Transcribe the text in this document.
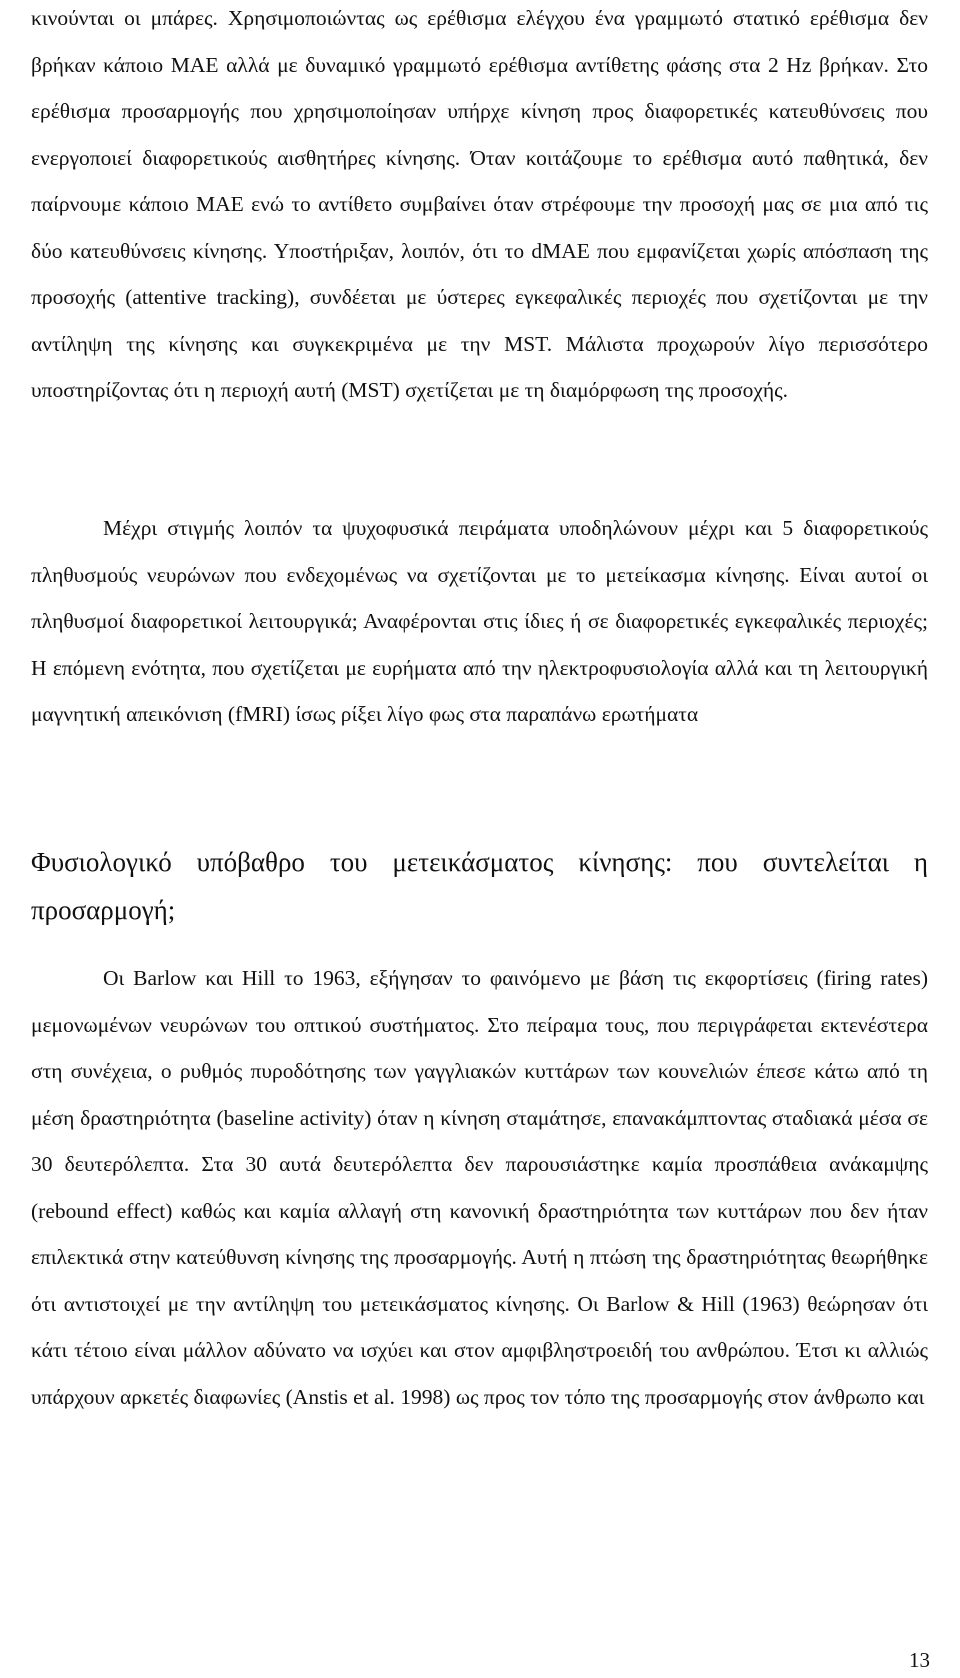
κινούνται οι μπάρες. Χρησιμοποιώντας ως ερέθισμα ελέγχου ένα γραμμωτό στατικό ερέθισμα δεν βρήκαν κάποιο ΜΑΕ αλλά με δυναμικό γραμμωτό ερέθισμα αντίθετης φάσης στα 2 Hz βρήκαν. Στο ερέθισμα προσαρμογής που χρησιμοποίησαν υπήρχε κίνηση προς διαφορετικές κατευθύνσεις που ενεργοποιεί διαφορετικούς αισθητήρες κίνησης. Όταν κοιτάζουμε το ερέθισμα αυτό παθητικά, δεν παίρνουμε κάποιο ΜΑΕ ενώ το αντίθετο συμβαίνει όταν στρέφουμε την προσοχή μας σε μια από τις δύο κατευθύνσεις κίνησης. Υποστήριξαν, λοιπόν, ότι το dMAE που εμφανίζεται χωρίς απόσπαση της προσοχής (attentive tracking), συνδέεται με ύστερες εγκεφαλικές περιοχές που σχετίζονται με την αντίληψη της κίνησης και συγκεκριμένα με την MST. Μάλιστα προχωρούν λίγο περισσότερο υποστηρίζοντας ότι η περιοχή αυτή (MST) σχετίζεται με τη διαμόρφωση της προσοχής.

Μέχρι στιγμής λοιπόν τα ψυχοφυσικά πειράματα υποδηλώνουν μέχρι και 5 διαφορετικούς πληθυσμούς νευρώνων που ενδεχομένως να σχετίζονται με το μετείκασμα κίνησης. Είναι αυτοί οι πληθυσμοί διαφορετικοί λειτουργικά; Αναφέρονται στις ίδιες ή σε διαφορετικές εγκεφαλικές περιοχές; Η επόμενη ενότητα, που σχετίζεται με ευρήματα από την ηλεκτροφυσιολογία αλλά και τη λειτουργική μαγνητική απεικόνιση (fMRI) ίσως ρίξει λίγο φως στα παραπάνω ερωτήματα

Φυσιολογικό υπόβαθρο του μετεικάσματος κίνησης: που συντελείται η προσαρμογή;

Οι Barlow και Hill το 1963, εξήγησαν το φαινόμενο με βάση τις εκφορτίσεις (firing rates) μεμονωμένων νευρώνων του οπτικού συστήματος. Στο πείραμα τους, που περιγράφεται εκτενέστερα στη συνέχεια, ο ρυθμός πυροδότησης των γαγγλιακών κυττάρων των κουνελιών έπεσε κάτω από τη μέση δραστηριότητα (baseline activity) όταν η κίνηση σταμάτησε, επανακάμπτοντας σταδιακά μέσα σε 30 δευτερόλεπτα. Στα 30 αυτά δευτερόλεπτα δεν παρουσιάστηκε καμία προσπάθεια ανάκαμψης (rebound effect) καθώς και καμία αλλαγή στη κανονική δραστηριότητα των κυττάρων που δεν ήταν επιλεκτικά στην κατεύθυνση κίνησης της προσαρμογής. Αυτή η πτώση της δραστηριότητας θεωρήθηκε ότι αντιστοιχεί με την αντίληψη του μετεικάσματος κίνησης. Οι Barlow & Hill (1963) θεώρησαν ότι κάτι τέτοιο είναι μάλλον αδύνατο να ισχύει και στον αμφιβληστροειδή του ανθρώπου. Έτσι κι αλλιώς υπάρχουν αρκετές διαφωνίες (Anstis et al. 1998) ως προς τον τόπο της προσαρμογής στον άνθρωπο και

13
